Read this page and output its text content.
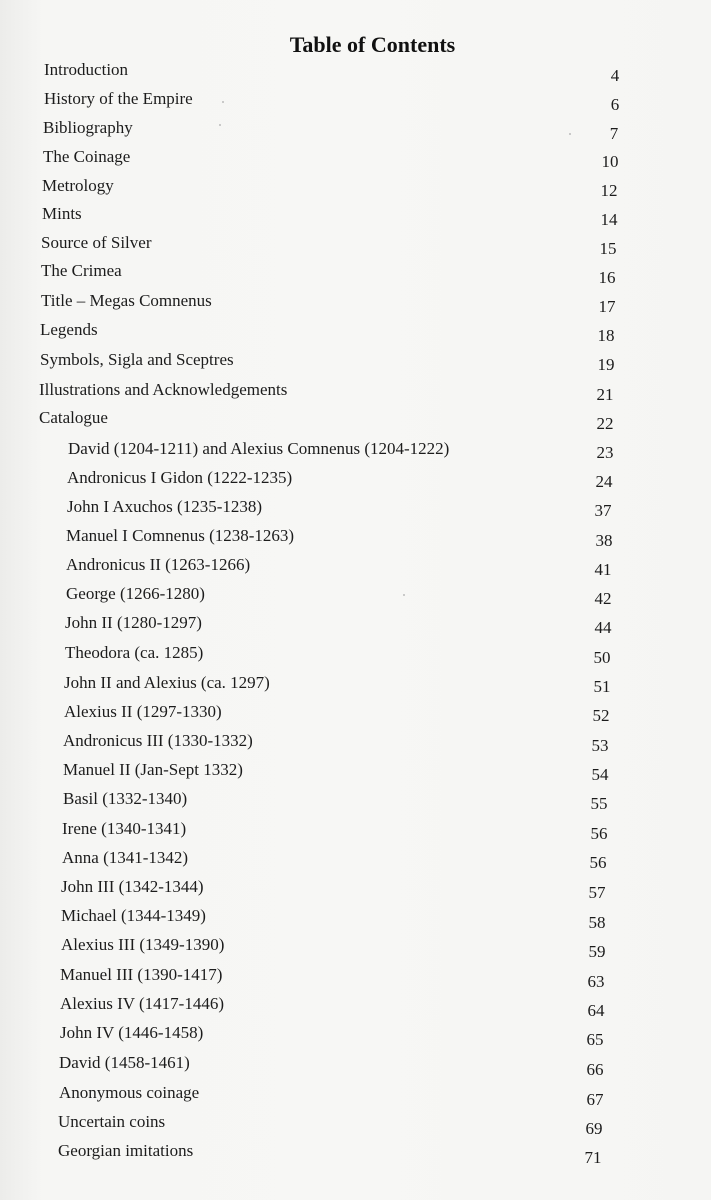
Table of Contents
Introduction	4
History of the Empire	6
Bibliography	7
The Coinage	10
Metrology	12
Mints	14
Source of Silver	15
The Crimea	16
Title – Megas Comnenus	17
Legends	18
Symbols, Sigla and Sceptres	19
Illustrations and Acknowledgements	21
Catalogue	22
David (1204-1211) and Alexius Comnenus (1204-1222)	23
Andronicus I Gidon (1222-1235)	24
John I Axuchos (1235-1238)	37
Manuel I Comnenus (1238-1263)	38
Andronicus II (1263-1266)	41
George (1266-1280)	42
John II (1280-1297)	44
Theodora (ca. 1285)	50
John II and Alexius (ca. 1297)	51
Alexius II (1297-1330)	52
Andronicus III (1330-1332)	53
Manuel II (Jan-Sept 1332)	54
Basil (1332-1340)	55
Irene (1340-1341)	56
Anna (1341-1342)	56
John III (1342-1344)	57
Michael (1344-1349)	58
Alexius III (1349-1390)	59
Manuel III (1390-1417)	63
Alexius IV (1417-1446)	64
John IV (1446-1458)	65
David (1458-1461)	66
Anonymous coinage	67
Uncertain coins	69
Georgian imitations	71
